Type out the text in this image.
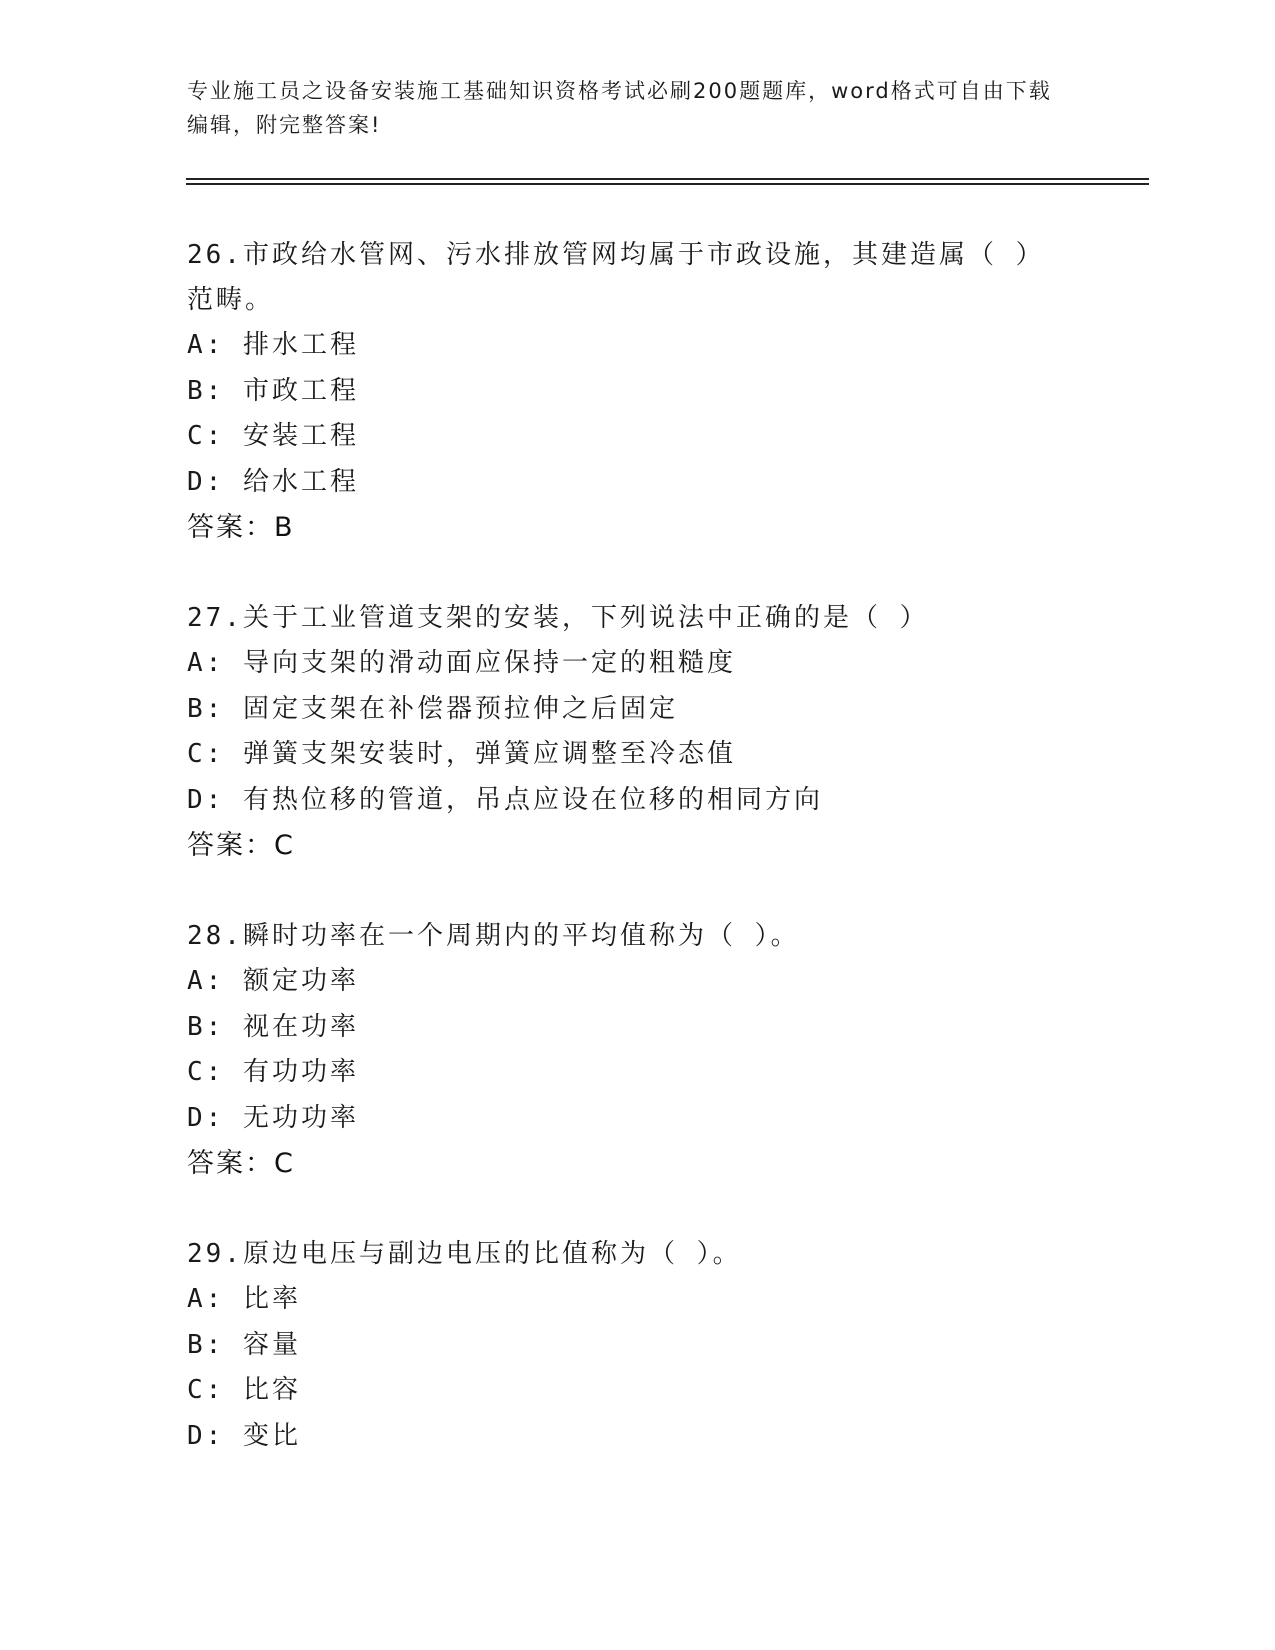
专业施工员之设备安装施工基础知识资格考试必刷200题题库，word格式可自由下载编辑，附完整答案!

26.市政给水管网、污水排放管网均属于市政设施，其建造属（ ）范畴。

A: 排水工程

B: 市政工程

C: 安装工程

D: 给水工程

答案：B

27.关于工业管道支架的安装，下列说法中正确的是（ ）

A: 导向支架的滑动面应保持一定的粗糙度

B: 固定支架在补偿器预拉伸之后固定

C: 弹簧支架安装时，弹簧应调整至冷态值

D: 有热位移的管道，吊点应设在位移的相同方向

答案：C

28.瞬时功率在一个周期内的平均值称为（ ）。

A: 额定功率

B: 视在功率

C: 有功功率

D: 无功功率

答案：C

29.原边电压与副边电压的比值称为（ ）。

A: 比率

B: 容量

C: 比容

D: 变比
